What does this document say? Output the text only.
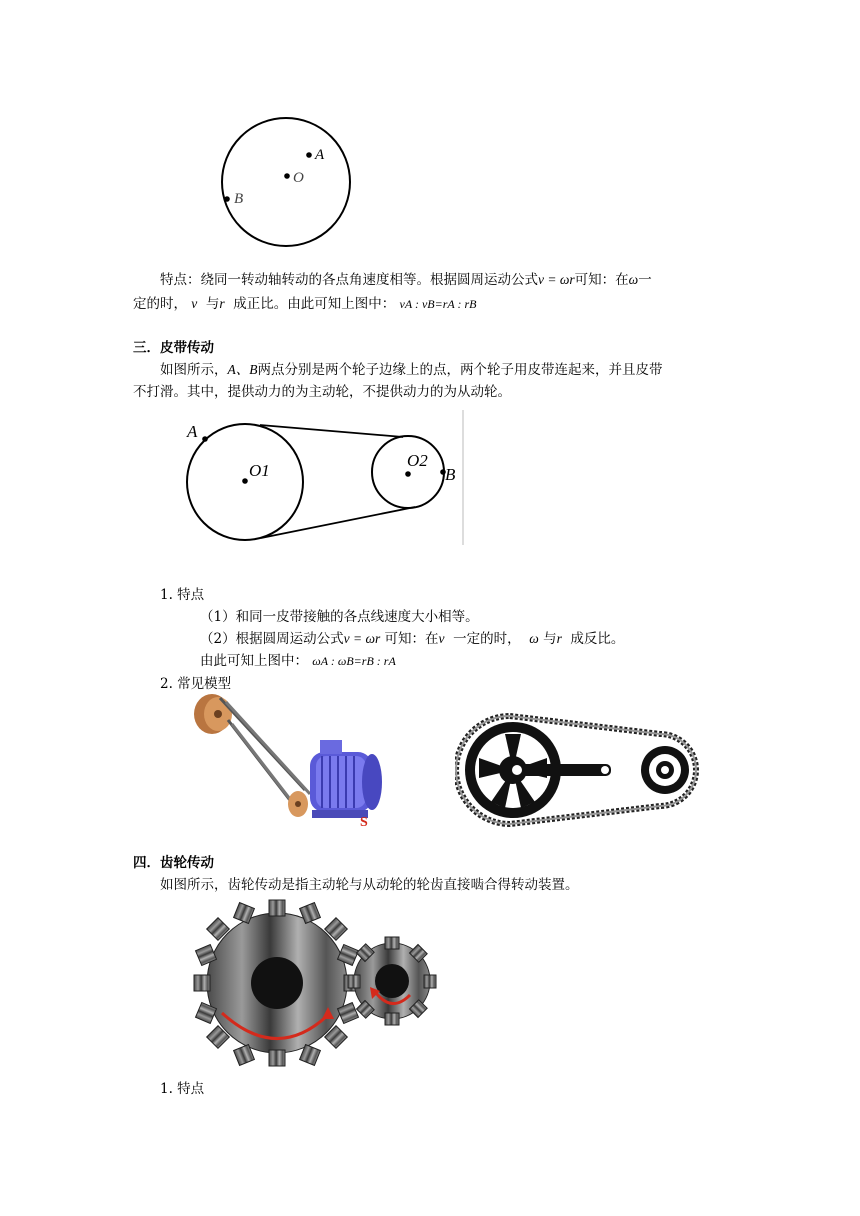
A
O
B
特点：绕同一转动轴转动的各点角速度相等。根据圆周运动公式v = ωr可知：在ω一
定的时， v 与r 成正比。由此可知上图中： vA : vB=rA : rB
三．皮带传动
如图所示，A、B两点分别是两个轮子边缘上的点，两个轮子用皮带连起来，并且皮带
不打滑。其中，提供动力的为主动轮，不提供动力的为从动轮。
A
O1
O2
B
1. 特点
（1）和同一皮带接触的各点线速度大小相等。
（2）根据圆周运动公式v = ωr 可知：在v 一定的时， ω 与r 成反比。
由此可知上图中： ωA : ωB=rB : rA
2. 常见模型
S
四．齿轮传动
如图所示，齿轮传动是指主动轮与从动轮的轮齿直接啮合得转动装置。
1. 特点
